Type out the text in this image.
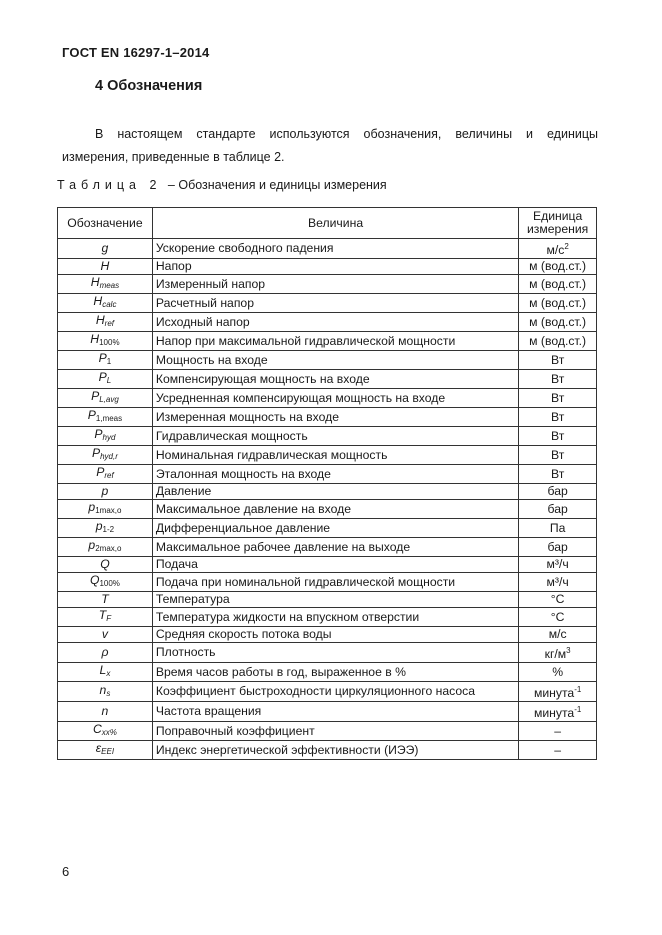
ГОСТ EN 16297-1–2014
4 Обозначения
В настоящем стандарте используются обозначения, величины и единицы
измерения, приведенные в таблице 2.
Таблица 2 – Обозначения и единицы измерения
Обозначение	Величина	Единица измерения
g	Ускорение свободного падения	$м/с^2$
H	Напор	м (вод.ст.)
$H_{meas}$	Измеренный напор	м (вод.ст.)
$H_{calc}$	Расчетный напор	м (вод.ст.)
$H_{ref}$	Исходный напор	м (вод.ст.)
H100%	Напор при максимальной гидравлической мощности	м (вод.ст.)
P1	Мощность на входе	Вт
$P_L$	Компенсирующая мощность на входе	Вт
$P_{L,avg}$	Усредненная компенсирующая мощность на входе	Вт
P1,meas	Измеренная мощность на входе	Вт
$P_{hyd}$	Гидравлическая мощность	Вт
$P_{hyd,r}$	Номинальная гидравлическая мощность	Вт
$P_{ref}$	Эталонная мощность на входе	Вт
p	Давление	бар
p1max,o	Максимальное давление на входе	бар
p1-2	Дифференциальное давление	Па
p2max,o	Максимальное рабочее давление на выходе	бар
Q	Подача	м³/ч
Q100%	Подача при номинальной гидравлической мощности	м³/ч
T	Температура	°С
$T_F$	Температура жидкости на впускном отверстии	°С
v	Средняя скорость потока воды	м/с
ρ	Плотность	$кг/м^3$
$L_x$	Время часов работы в год, выраженное в %	%
$n_s$	Коэффициент быстроходности циркуляционного насоса	минута$^{-1}$
n	Частота вращения	минута$^{-1}$
$C_{xx\%}$	Поправочный коэффициент	–
$\varepsilon_{EEI}$	Индекс энергетической эффективности (ИЭЭ)	–
6
